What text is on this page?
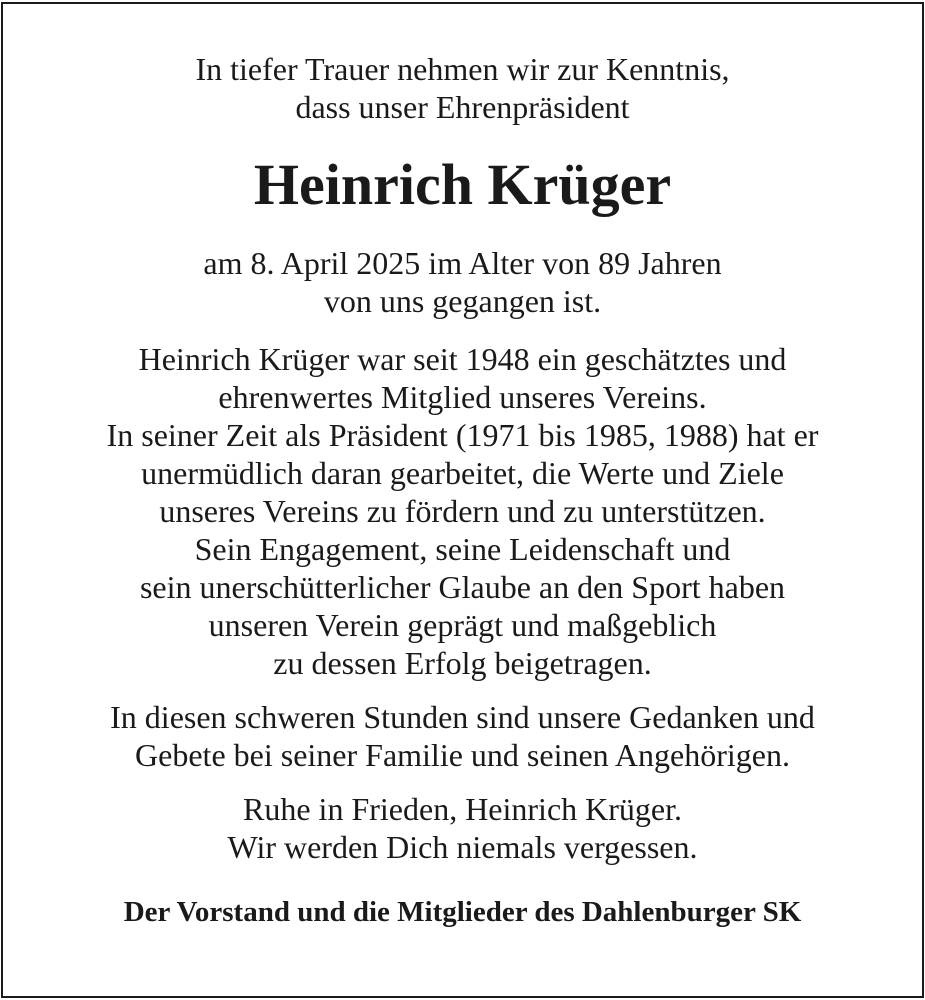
In tiefer Trauer nehmen wir zur Kenntnis,
dass unser Ehrenpräsident
Heinrich Krüger
am 8. April 2025 im Alter von 89 Jahren
von uns gegangen ist.
Heinrich Krüger war seit 1948 ein geschätztes und
ehrenwertes Mitglied unseres Vereins.
In seiner Zeit als Präsident (1971 bis 1985, 1988) hat er
unermüdlich daran gearbeitet, die Werte und Ziele
unseres Vereins zu fördern und zu unterstützen.
Sein Engagement, seine Leidenschaft und
sein unerschütterlicher Glaube an den Sport haben
unseren Verein geprägt und maßgeblich
zu dessen Erfolg beigetragen.
In diesen schweren Stunden sind unsere Gedanken und
Gebete bei seiner Familie und seinen Angehörigen.
Ruhe in Frieden, Heinrich Krüger.
Wir werden Dich niemals vergessen.
Der Vorstand und die Mitglieder des Dahlenburger SK
